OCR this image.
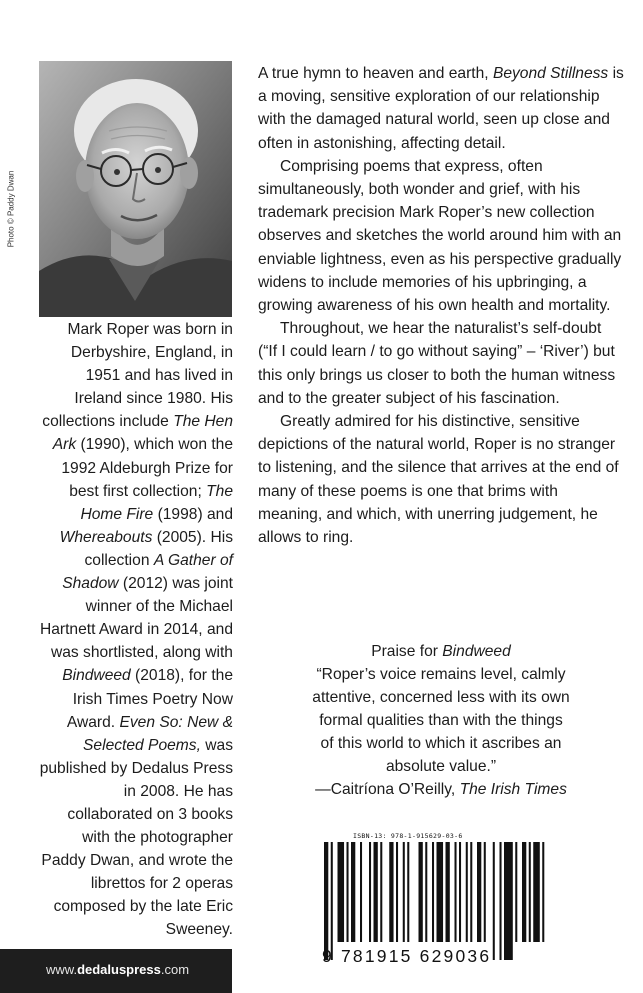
Photo © Paddy Dwan

Mark Roper was born in Derbyshire, England, in 1951 and has lived in Ireland since 1980. His collections include The Hen Ark (1990), which won the 1992 Aldeburgh Prize for best first collection; The Home Fire (1998) and Whereabouts (2005). His collection A Gather of Shadow (2012) was joint winner of the Michael Hartnett Award in 2014, and was shortlisted, along with Bindweed (2018), for the Irish Times Poetry Now Award. Even So: New & Selected Poems, was published by Dedalus Press in 2008. He has collaborated on 3 books with the photographer Paddy Dwan, and wrote the librettos for 2 operas composed by the late Eric Sweeney.

A true hymn to heaven and earth, Beyond Stillness is a moving, sensitive exploration of our relationship with the damaged natural world, seen up close and often in astonishing, affecting detail.

Comprising poems that express, often simultaneously, both wonder and grief, with his trademark precision Mark Roper’s new collection observes and sketches the world around him with an enviable lightness, even as his perspective gradually widens to include memories of his upbringing, a growing awareness of his own health and mortality.

Throughout, we hear the naturalist’s self-doubt (“If I could learn / to go without saying” – ‘River’) but this only brings us closer to both the human witness and to the greater subject of his fascination.

Greatly admired for his distinctive, sensitive depictions of the natural world, Roper is no stranger to listening, and the silence that arrives at the end of many of these poems is one that brims with meaning, and which, with unerring judgement, he allows to ring.

Praise for Bindweed
“Roper’s voice remains level, calmly
attentive, concerned less with its own
formal qualities than with the things
of this world to which it ascribes an
absolute value.”
—Caitríona O’Reilly, The Irish Times
ISBN-13: 978-1-915629-03-6
9 781915 629036
www.dedaluspress.com
